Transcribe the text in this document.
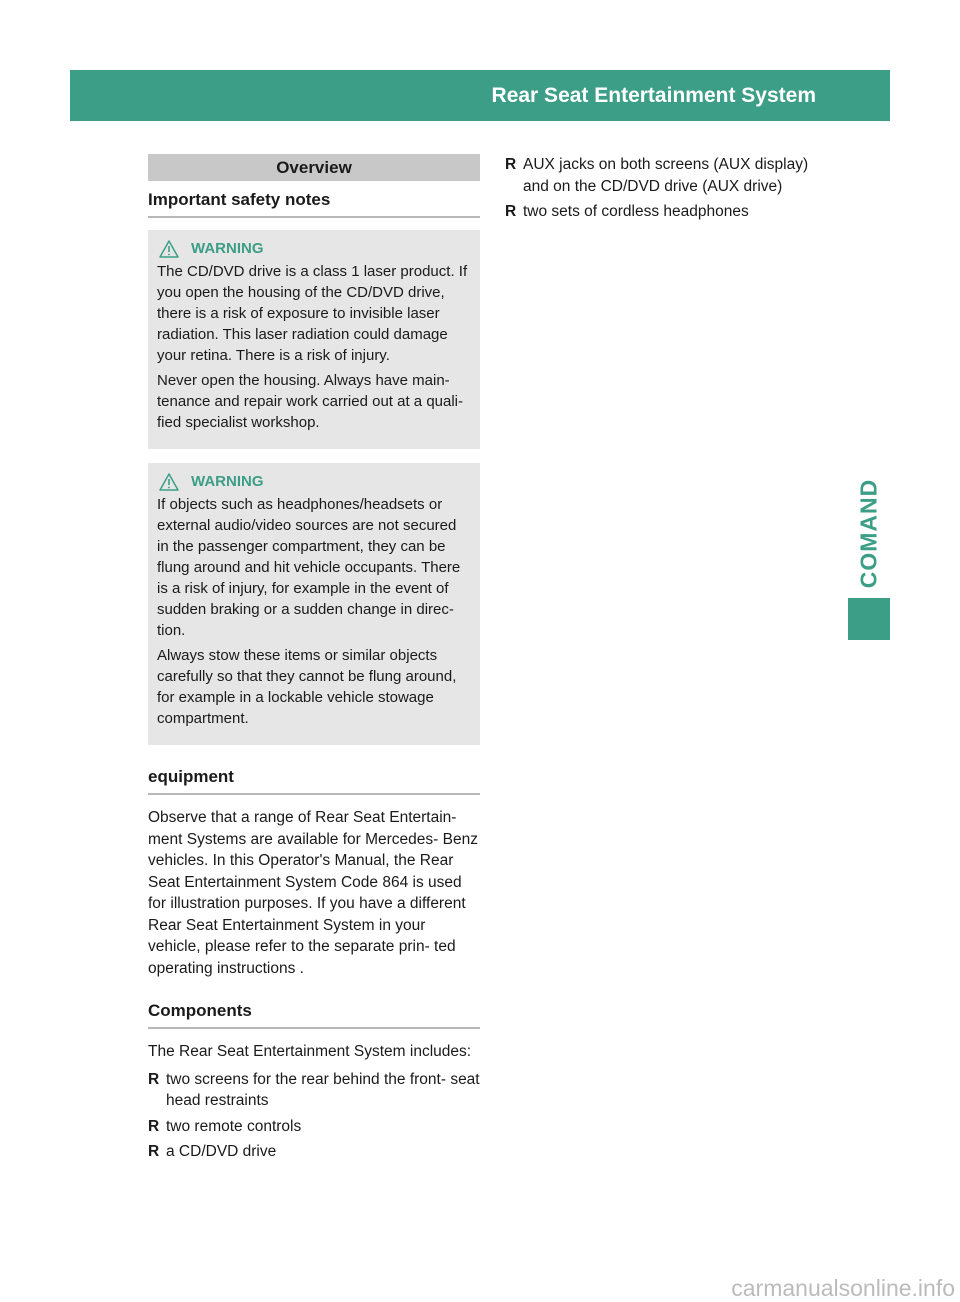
Rear Seat Entertainment System	483
COMAND
Overview
Important safety notes
WARNING

The CD/DVD drive is a class 1 laser product. If you open the housing of the CD/DVD drive, there is a risk of exposure to invisible laser radiation. This laser radiation could damage your retina. There is a risk of injury.

Never open the housing. Always have main- tenance and repair work carried out at a quali- fied specialist workshop.

WARNING

If objects such as headphones/headsets or external audio/video sources are not secured in the passenger compartment, they can be flung around and hit vehicle occupants. There is a risk of injury, for example in the event of sudden braking or a sudden change in direc- tion.

Always stow these items or similar objects carefully so that they cannot be flung around, for example in a lockable vehicle stowage compartment.

equipment

Observe that a range of Rear Seat Entertain- ment Systems are available for Mercedes- Benz vehicles. In this Operator's Manual, the Rear Seat Entertainment System Code 864 is used for illustration purposes. If you have a different Rear Seat Entertainment System in your vehicle, please refer to the separate prin- ted operating instructions .

Components

The Rear Seat Entertainment System includes:

R two screens for the rear behind the front- seat head restraints
R two remote controls
R a CD/DVD drive
R AUX jacks on both screens (AUX display) and on the CD/DVD drive (AUX drive)
R two sets of cordless headphones
carmanualsonline.info
